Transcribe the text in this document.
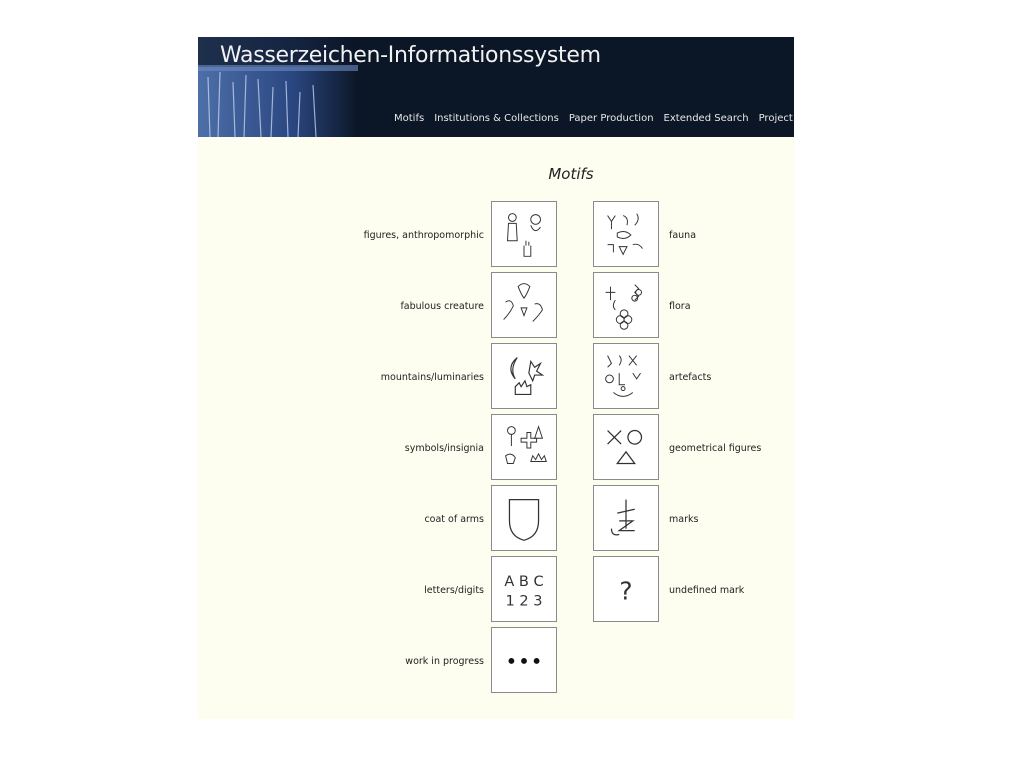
Wasserzeichen-Informationssystem
Motifs Institutions & Collections Paper Production Extended Search Project
Motifs
figures, anthropomorphic
fabulous creature
mountains/luminaries
symbols/insignia
coat of arms
letters/digits
A B C
1 2 3
work in progress
fauna
flora
artefacts
geometrical figures
marks
?	undefined mark
